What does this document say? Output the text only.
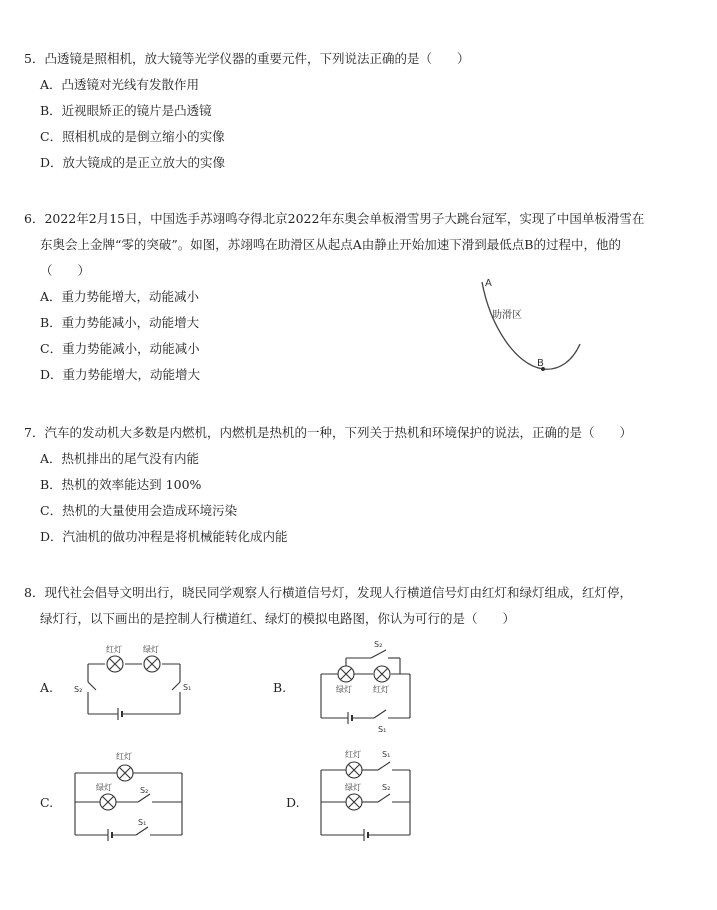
5．凸透镜是照相机，放大镜等光学仪器的重要元件，下列说法正确的是（　　）

A．凸透镜对光线有发散作用
B．近视眼矫正的镜片是凸透镜
C．照相机成的是倒立缩小的实像
D．放大镜成的是正立放大的实像

6．2022年2月15日，中国选手苏翊鸣夺得北京2022年东奥会单板滑雪男子大跳台冠军，实现了中国单板滑雪在

东奥会上金牌“零的突破”。如图，苏翊鸣在助滑区从起点A由静止开始加速下滑到最低点B的过程中，他的

（　　）

A．重力势能增大，动能减小
B．重力势能减小，动能增大
C．重力势能减小，动能减小
D．重力势能增大，动能增大
A
助滑区
B

7．汽车的发动机大多数是内燃机，内燃机是热机的一种，下列关于热机和环境保护的说法，正确的是（　　）

A．热机排出的尾气没有内能
B．热机的效率能达到 100%
C．热机的大量使用会造成环境污染
D．汽油机的做功冲程是将机械能转化成内能

8．现代社会倡导文明出行，晓民同学观察人行横道信号灯，发现人行横道信号灯由红灯和绿灯组成，红灯停，

绿灯行，以下画出的是控制人行横道红、绿灯的模拟电路图，你认为可行的是（　　）

A.	B.
C.	D.
红灯	绿灯
S₂	S₁	绿灯	红灯
S₂
S₁
红灯
绿灯	S₂
S₁
红灯
绿灯
S₁
S₂
